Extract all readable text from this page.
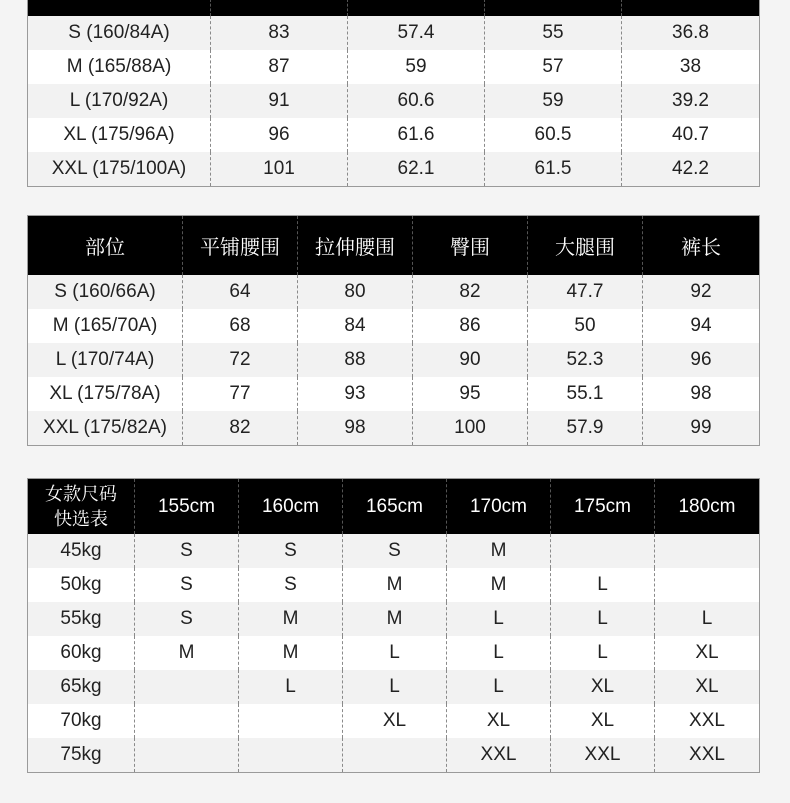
S (160/84A)	83	57.4	55	36.8
M (165/88A)	87	59	57	38
L (170/92A)	91	60.6	59	39.2
XL (175/96A)	96	61.6	60.5	40.7
XXL (175/100A)	101	62.1	61.5	42.2
部位	平铺腰围	拉伸腰围	臀围	大腿围	裤长
S (160/66A)	64	80	82	47.7	92
M (165/70A)	68	84	86	50	94
L (170/74A)	72	88	90	52.3	96
XL (175/78A)	77	93	95	55.1	98
XXL (175/82A)	82	98	100	57.9	99
女款尺码
快选表	155cm	160cm	165cm	170cm	175cm	180cm
45kg	S	S	S	M		
50kg	S	S	M	M	L	
55kg	S	M	M	L	L	L
60kg	M	M	L	L	L	XL
65kg		L	L	L	XL	XL
70kg			XL	XL	XL	XXL
75kg				XXL	XXL	XXL
